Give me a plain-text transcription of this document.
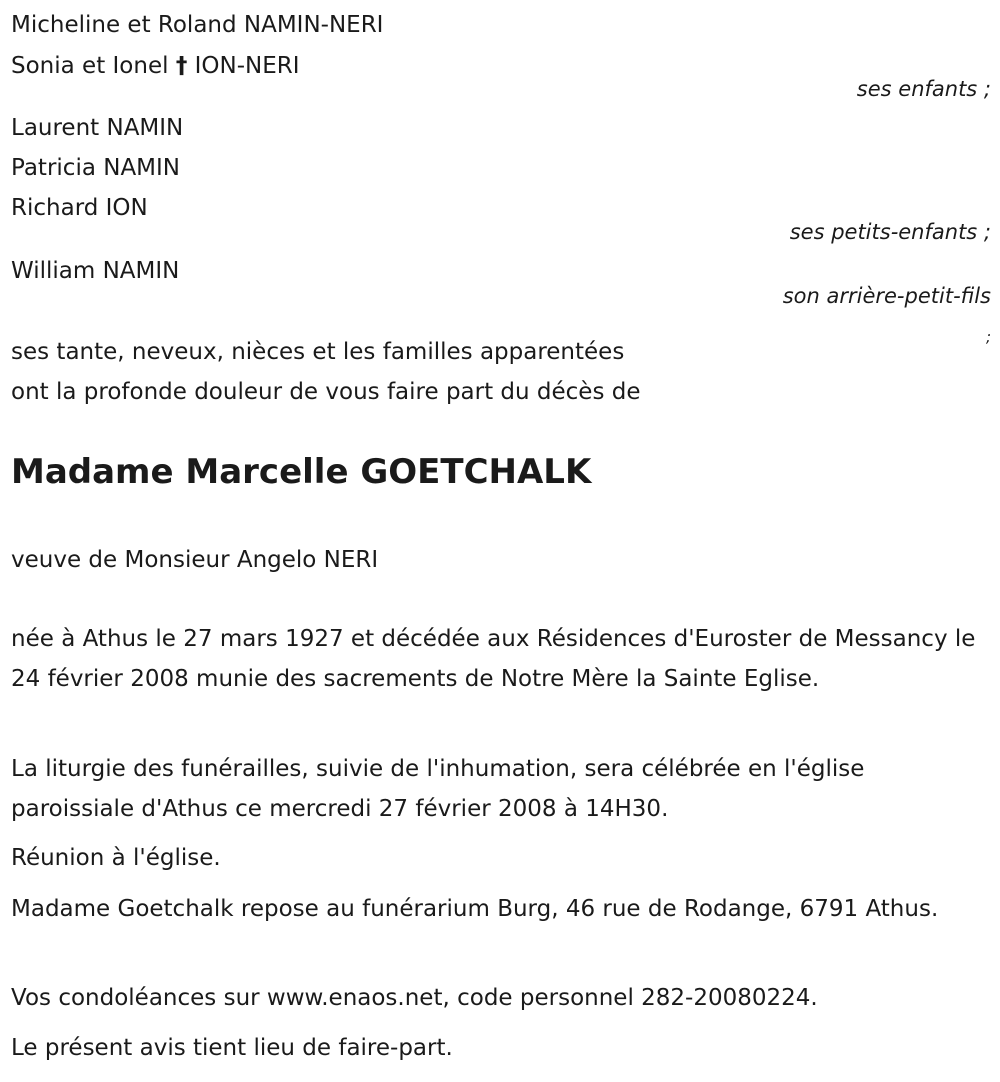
Micheline et Roland NAMIN-NERI
Sonia et Ionel † ION-NERI
ses enfants ;
Laurent NAMIN
Patricia NAMIN
Richard ION
ses petits-enfants ;
William NAMIN
son arrière-petit-fils
;
ses tante, neveux, nièces et les familles apparentées
ont la profonde douleur de vous faire part du décès de
Madame Marcelle GOETCHALK
veuve de Monsieur Angelo NERI
née à Athus le 27 mars 1927 et décédée aux Résidences d'Euroster de Messancy le 24 février 2008 munie des sacrements de Notre Mère la Sainte Eglise.
La liturgie des funérailles, suivie de l'inhumation, sera célébrée en l'église paroissiale d'Athus ce mercredi 27 février 2008 à 14H30.
Réunion à l'église.
Madame Goetchalk repose au funérarium Burg, 46 rue de Rodange, 6791 Athus.
Vos condoléances sur www.enaos.net, code personnel 282-20080224.
Le présent avis tient lieu de faire-part.
